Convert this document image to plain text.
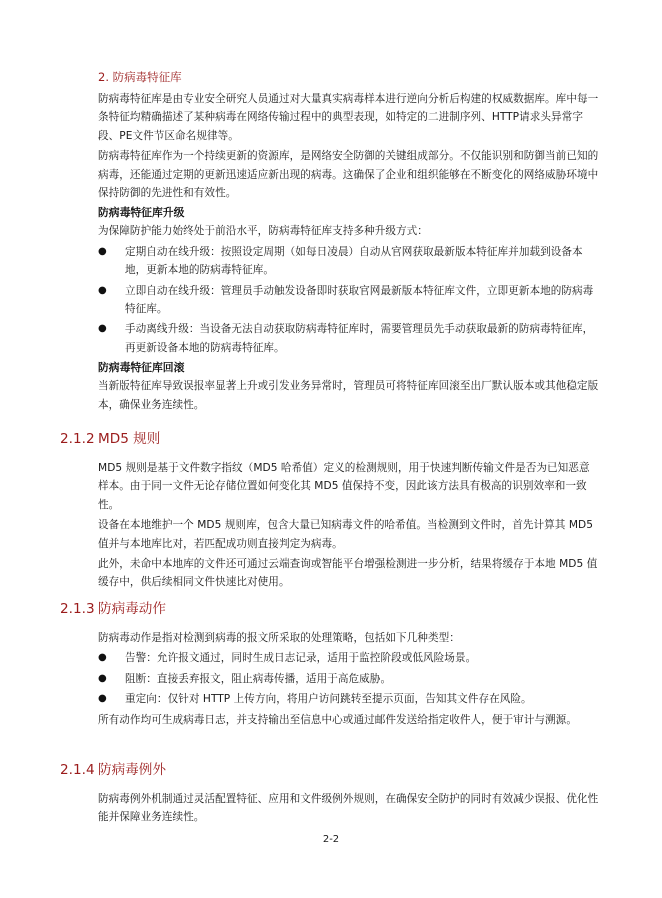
2. 防病毒特征库

防病毒特征库是由专业安全研究人员通过对大量真实病毒样本进行逆向分析后构建的权威数据库。库中每一条特征均精确描述了某种病毒在网络传输过程中的典型表现，如特定的二进制序列、HTTP请求头异常字段、PE文件节区命名规律等。

防病毒特征库作为一个持续更新的资源库，是网络安全防御的关键组成部分。不仅能识别和防御当前已知的病毒，还能通过定期的更新迅速适应新出现的病毒。这确保了企业和组织能够在不断变化的网络威胁环境中保持防御的先进性和有效性。

防病毒特征库升级

为保障防护能力始终处于前沿水平，防病毒特征库支持多种升级方式：

● 定期自动在线升级：按照设定周期（如每日凌晨）自动从官网获取最新版本特征库并加载到设备本地，更新本地的防病毒特征库。
● 立即自动在线升级：管理员手动触发设备即时获取官网最新版本特征库文件，立即更新本地的防病毒特征库。
● 手动离线升级：当设备无法自动获取防病毒特征库时，需要管理员先手动获取最新的防病毒特征库，再更新设备本地的防病毒特征库。

防病毒特征库回滚

当新版特征库导致误报率显著上升或引发业务异常时，管理员可将特征库回滚至出厂默认版本或其他稳定版本，确保业务连续性。

2.1.2 MD5 规则

MD5 规则是基于文件数字指纹（MD5 哈希值）定义的检测规则，用于快速判断传输文件是否为已知恶意样本。由于同一文件无论存储位置如何变化其 MD5 值保持不变，因此该方法具有极高的识别效率和一致性。

设备在本地维护一个 MD5 规则库，包含大量已知病毒文件的哈希值。当检测到文件时，首先计算其 MD5 值并与本地库比对，若匹配成功则直接判定为病毒。

此外，未命中本地库的文件还可通过云端查询或智能平台增强检测进一步分析，结果将缓存于本地 MD5 值缓存中，供后续相同文件快速比对使用。

2.1.3 防病毒动作

防病毒动作是指对检测到病毒的报文所采取的处理策略，包括如下几种类型：

● 告警：允许报文通过，同时生成日志记录，适用于监控阶段或低风险场景。
● 阻断：直接丢弃报文，阻止病毒传播，适用于高危威胁。
● 重定向：仅针对 HTTP 上传方向，将用户访问跳转至提示页面，告知其文件存在风险。

所有动作均可生成病毒日志，并支持输出至信息中心或通过邮件发送给指定收件人，便于审计与溯源。

2.1.4 防病毒例外

防病毒例外机制通过灵活配置特征、应用和文件级例外规则，在确保安全防护的同时有效减少误报、优化性能并保障业务连续性。

2-2
